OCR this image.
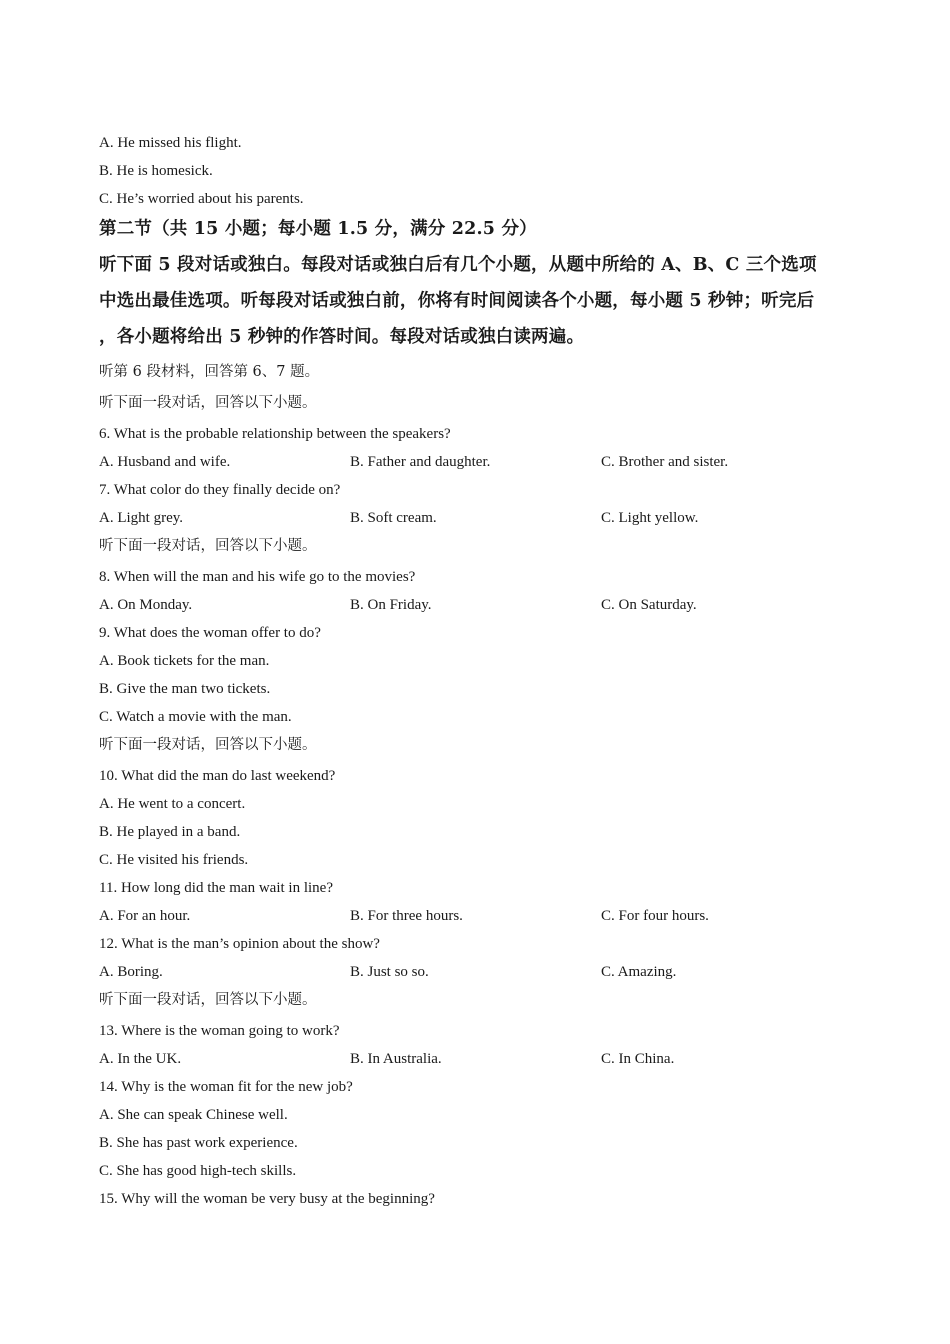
A. He missed his flight.
B. He is homesick.
C. He’s worried about his parents.
第二节（共 15 小题；每小题 1.5 分，满分 22.5 分）
听下面 5 段对话或独白。每段对话或独白后有几个小题，从题中所给的 A、B、C 三个选项
中选出最佳选项。听每段对话或独白前，你将有时间阅读各个小题，每小题 5 秒钟；听完后
，各小题将给出 5 秒钟的作答时间。每段对话或独白读两遍。
听第 6 段材料，回答第 6、7 题。
听下面一段对话，回答以下小题。
6. What is the probable relationship between the speakers?
A. Husband and wife.	B. Father and daughter.	C. Brother and sister.
7. What color do they finally decide on?
A. Light grey.	B. Soft cream.	C. Light yellow.
听下面一段对话，回答以下小题。
8. When will the man and his wife go to the movies?
A. On Monday.	B. On Friday.	C. On Saturday.
9. What does the woman offer to do?
A. Book tickets for the man.
B. Give the man two tickets.
C. Watch a movie with the man.
听下面一段对话，回答以下小题。
10. What did the man do last weekend?
A. He went to a concert.
B. He played in a band.
C. He visited his friends.
11. How long did the man wait in line?
A. For an hour.	B. For three hours.	C. For four hours.
12. What is the man’s opinion about the show?
A. Boring.	B. Just so so.	C. Amazing.
听下面一段对话，回答以下小题。
13. Where is the woman going to work?
A. In the UK.	B. In Australia.	C. In China.
14. Why is the woman fit for the new job?
A. She can speak Chinese well.
B. She has past work experience.
C. She has good high-tech skills.
15. Why will the woman be very busy at the beginning?
